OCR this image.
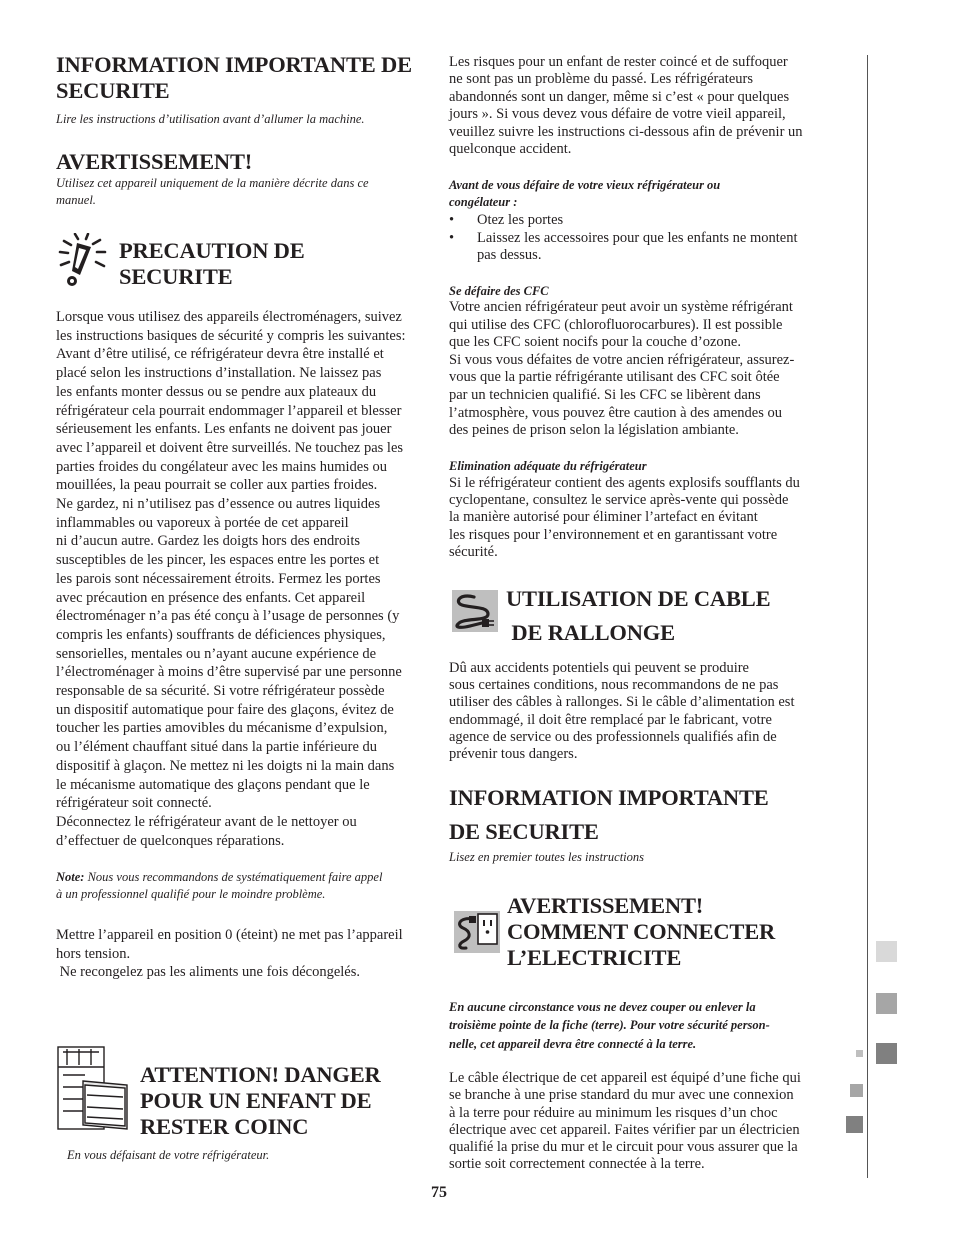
INFORMATION IMPORTANTE DE
SECURITE

Lire les instructions d’utilisation avant d’allumer la machine.

AVERTISSEMENT!

Utilisez cet appareil uniquement de la manière décrite dans ce
manuel.

PRECAUTION DE
SECURITE
Lorsque vous utilisez des appareils électroménagers, suivez
les instructions basiques de sécurité y compris les suivantes:
Avant d’être utilisé, ce réfrigérateur devra être installé et
placé selon les instructions d’installation. Ne laissez pas
les enfants monter dessus ou se pendre aux plateaux du
réfrigérateur cela pourrait endommager l’appareil et blesser
sérieusement les enfants. Les enfants ne doivent pas jouer
avec l’appareil et doivent être surveillés. Ne touchez pas les
parties froides du congélateur avec les mains humides ou
mouillées, la peau pourrait se coller aux parties froides.
Ne gardez, ni n’utilisez pas d’essence ou autres liquides
inflammables ou vaporeux à portée de cet appareil
ni d’aucun autre. Gardez les doigts hors des endroits
susceptibles de les pincer, les espaces entre les portes et
les parois sont nécessairement étroits. Fermez les portes
avec précaution en présence des enfants. Cet appareil
électroménager n’a pas été conçu à l’usage de personnes (y
compris les enfants) souffrants de déficiences physiques,
sensorielles, mentales ou n’ayant aucune expérience de
l’électroménager à moins d’être supervisé par une personne
responsable de sa sécurité. Si votre réfrigérateur possède
un dispositif automatique pour faire des glaçons, évitez de
toucher les parties amovibles du mécanisme d’expulsion,
ou l’élément chauffant situé dans la partie inférieure du
dispositif à glaçon. Ne mettez ni les doigts ni la main dans
le mécanisme automatique des glaçons pendant que le
réfrigérateur soit connecté.
Déconnectez le réfrigérateur avant de le nettoyer ou
d’effectuer de quelconques réparations.

Note: Nous vous recommandons de systématiquement faire appel
à un professionnel qualifié pour le moindre problème.

Mettre l’appareil en position 0 (éteint) ne met pas l’appareil
hors tension.
Ne recongelez pas les aliments une fois décongelés.
ATTENTION! DANGER
POUR UN ENFANT DE
RESTER COINC

En vous défaisant de votre réfrigérateur.

Les risques pour un enfant de rester coincé et de suffoquer
ne sont pas un problème du passé. Les réfrigérateurs
abandonnés sont un danger, même si c’est « pour quelques
jours ». Si vous devez vous défaire de votre vieil appareil,
veuillez suivre les instructions ci-dessous afin de prévenir un
quelconque accident.

Avant de vous défaire de votre vieux réfrigérateur ou
congélateur :

• Otez les portes
• Laissez les accessoires pour que les enfants ne montent
pas dessus.

Se défaire des CFC

Votre ancien réfrigérateur peut avoir un système réfrigérant
qui utilise des CFC (chlorofluorocarbures). Il est possible
que les CFC soient nocifs pour la couche d’ozone.
Si vous vous défaites de votre ancien réfrigérateur, assurez-
vous que la partie réfrigérante utilisant des CFC soit ôtée
par un technicien qualifié. Si les CFC se libèrent dans
l’atmosphère, vous pouvez être caution à des amendes ou
des peines de prison selon la législation ambiante.

Elimination adéquate du réfrigérateur

Si le réfrigérateur contient des agents explosifs soufflants du
cyclopentane, consultez le service après-vente qui possède
la manière autorisé pour éliminer l’artefact en évitant
les risques pour l’environnement et en garantissant votre
sécurité.
UTILISATION DE CABLE
DE RALLONGE
Dû aux accidents potentiels qui peuvent se produire
sous certaines conditions, nous recommandons de ne pas
utiliser des câbles à rallonges. Si le câble d’alimentation est
endommagé, il doit être remplacé par le fabricant, votre
agence de service ou des professionnels qualifiés afin de
prévenir tous dangers.
INFORMATION IMPORTANTE
DE SECURITE

Lisez en premier toutes les instructions

AVERTISSEMENT!
COMMENT CONNECTER
L’ELECTRICITE

En aucune circonstance vous ne devez couper ou enlever la
troisième pointe de la fiche (terre). Pour votre sécurité person-
nelle, cet appareil devra être connecté à la terre.

Le câble électrique de cet appareil est équipé d’une fiche qui
se branche à une prise standard du mur avec une connexion
à la terre pour réduire au minimum les risques d’un choc
électrique avec cet appareil. Faites vérifier par un électricien
qualifié la prise du mur et le circuit pour vous assurer que la
sortie soit correctement connectée à la terre.
75
